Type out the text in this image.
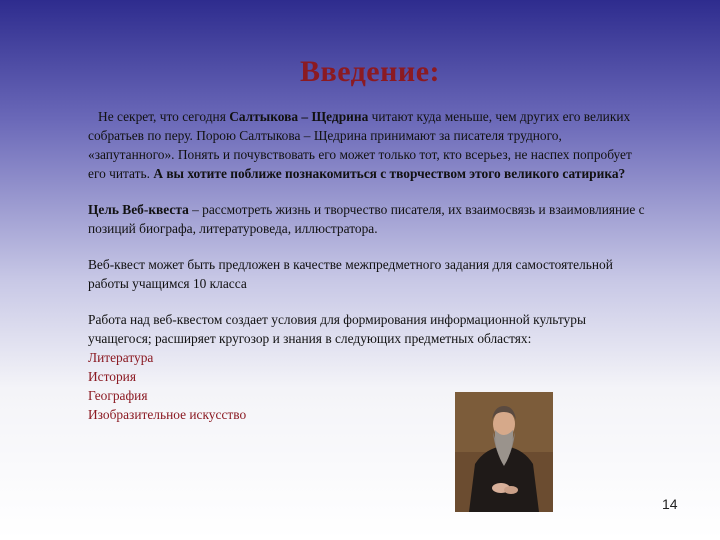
Введение:

Не секрет, что сегодня Салтыкова – Щедрина читают куда меньше, чем других его великих собратьев по перу. Порою Салтыкова – Щедрина принимают за писателя трудного, «запутанного». Понять и почувствовать его может только тот, кто всерьез, не наспех попробует его читать. А вы хотите поближе познакомиться с творчеством этого великого сатирика?

Цель Веб-квеста – рассмотреть жизнь и творчество писателя, их взаимосвязь и взаимовлияние с позиций биографа, литературоведа, иллюстратора.

Веб-квест может быть предложен в качестве межпредметного задания для самостоятельной работы учащимся 10 класса

Работа над веб-квестом создает условия для формирования информационной культуры учащегося; расширяет кругозор и знания в следующих предметных областях:

Литература
История
География
Изобразительное искусство
14
